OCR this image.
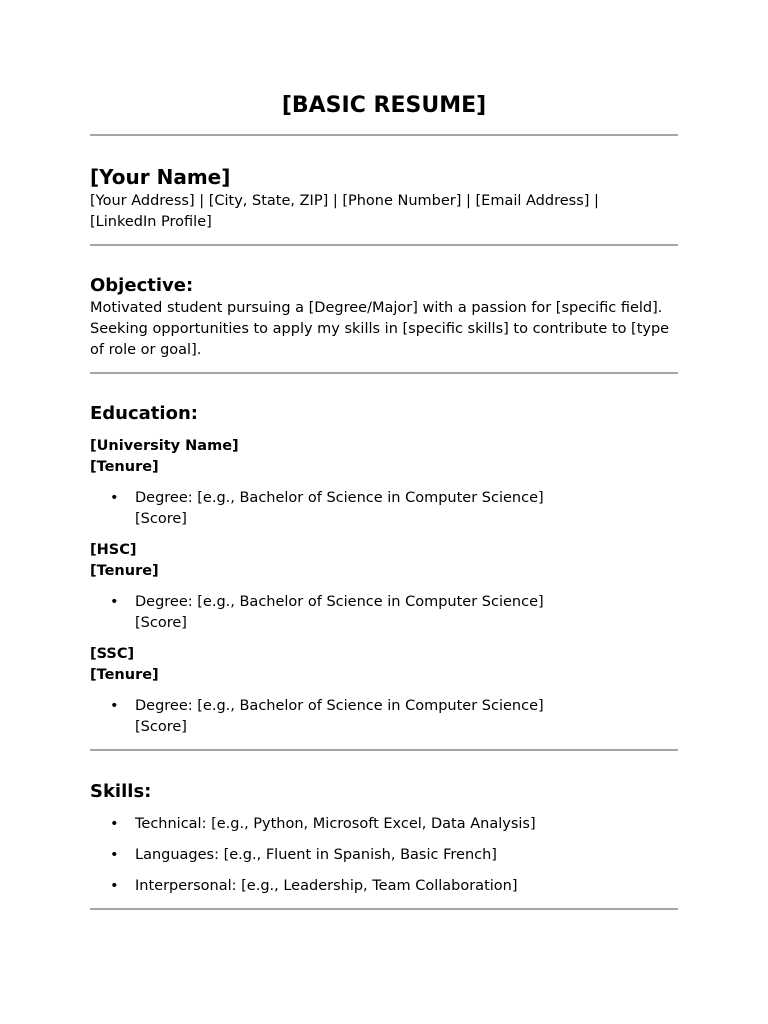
[BASIC RESUME]
[Your Name]
[Your Address] | [City, State, ZIP] | [Phone Number] | [Email Address] |
[LinkedIn Profile]
Objective:

Motivated student pursuing a [Degree/Major] with a passion for [specific field]. Seeking opportunities to apply my skills in [specific skills] to contribute to [type of role or goal].

Education:
[University Name]
[Tenure]
• Degree: [e.g., Bachelor of Science in Computer Science]
[Score]
[HSC]
[Tenure]
• Degree: [e.g., Bachelor of Science in Computer Science]
[Score]
[SSC]
[Tenure]
• Degree: [e.g., Bachelor of Science in Computer Science]
[Score]
Skills:
• Technical: [e.g., Python, Microsoft Excel, Data Analysis]
• Languages: [e.g., Fluent in Spanish, Basic French]
• Interpersonal: [e.g., Leadership, Team Collaboration]
